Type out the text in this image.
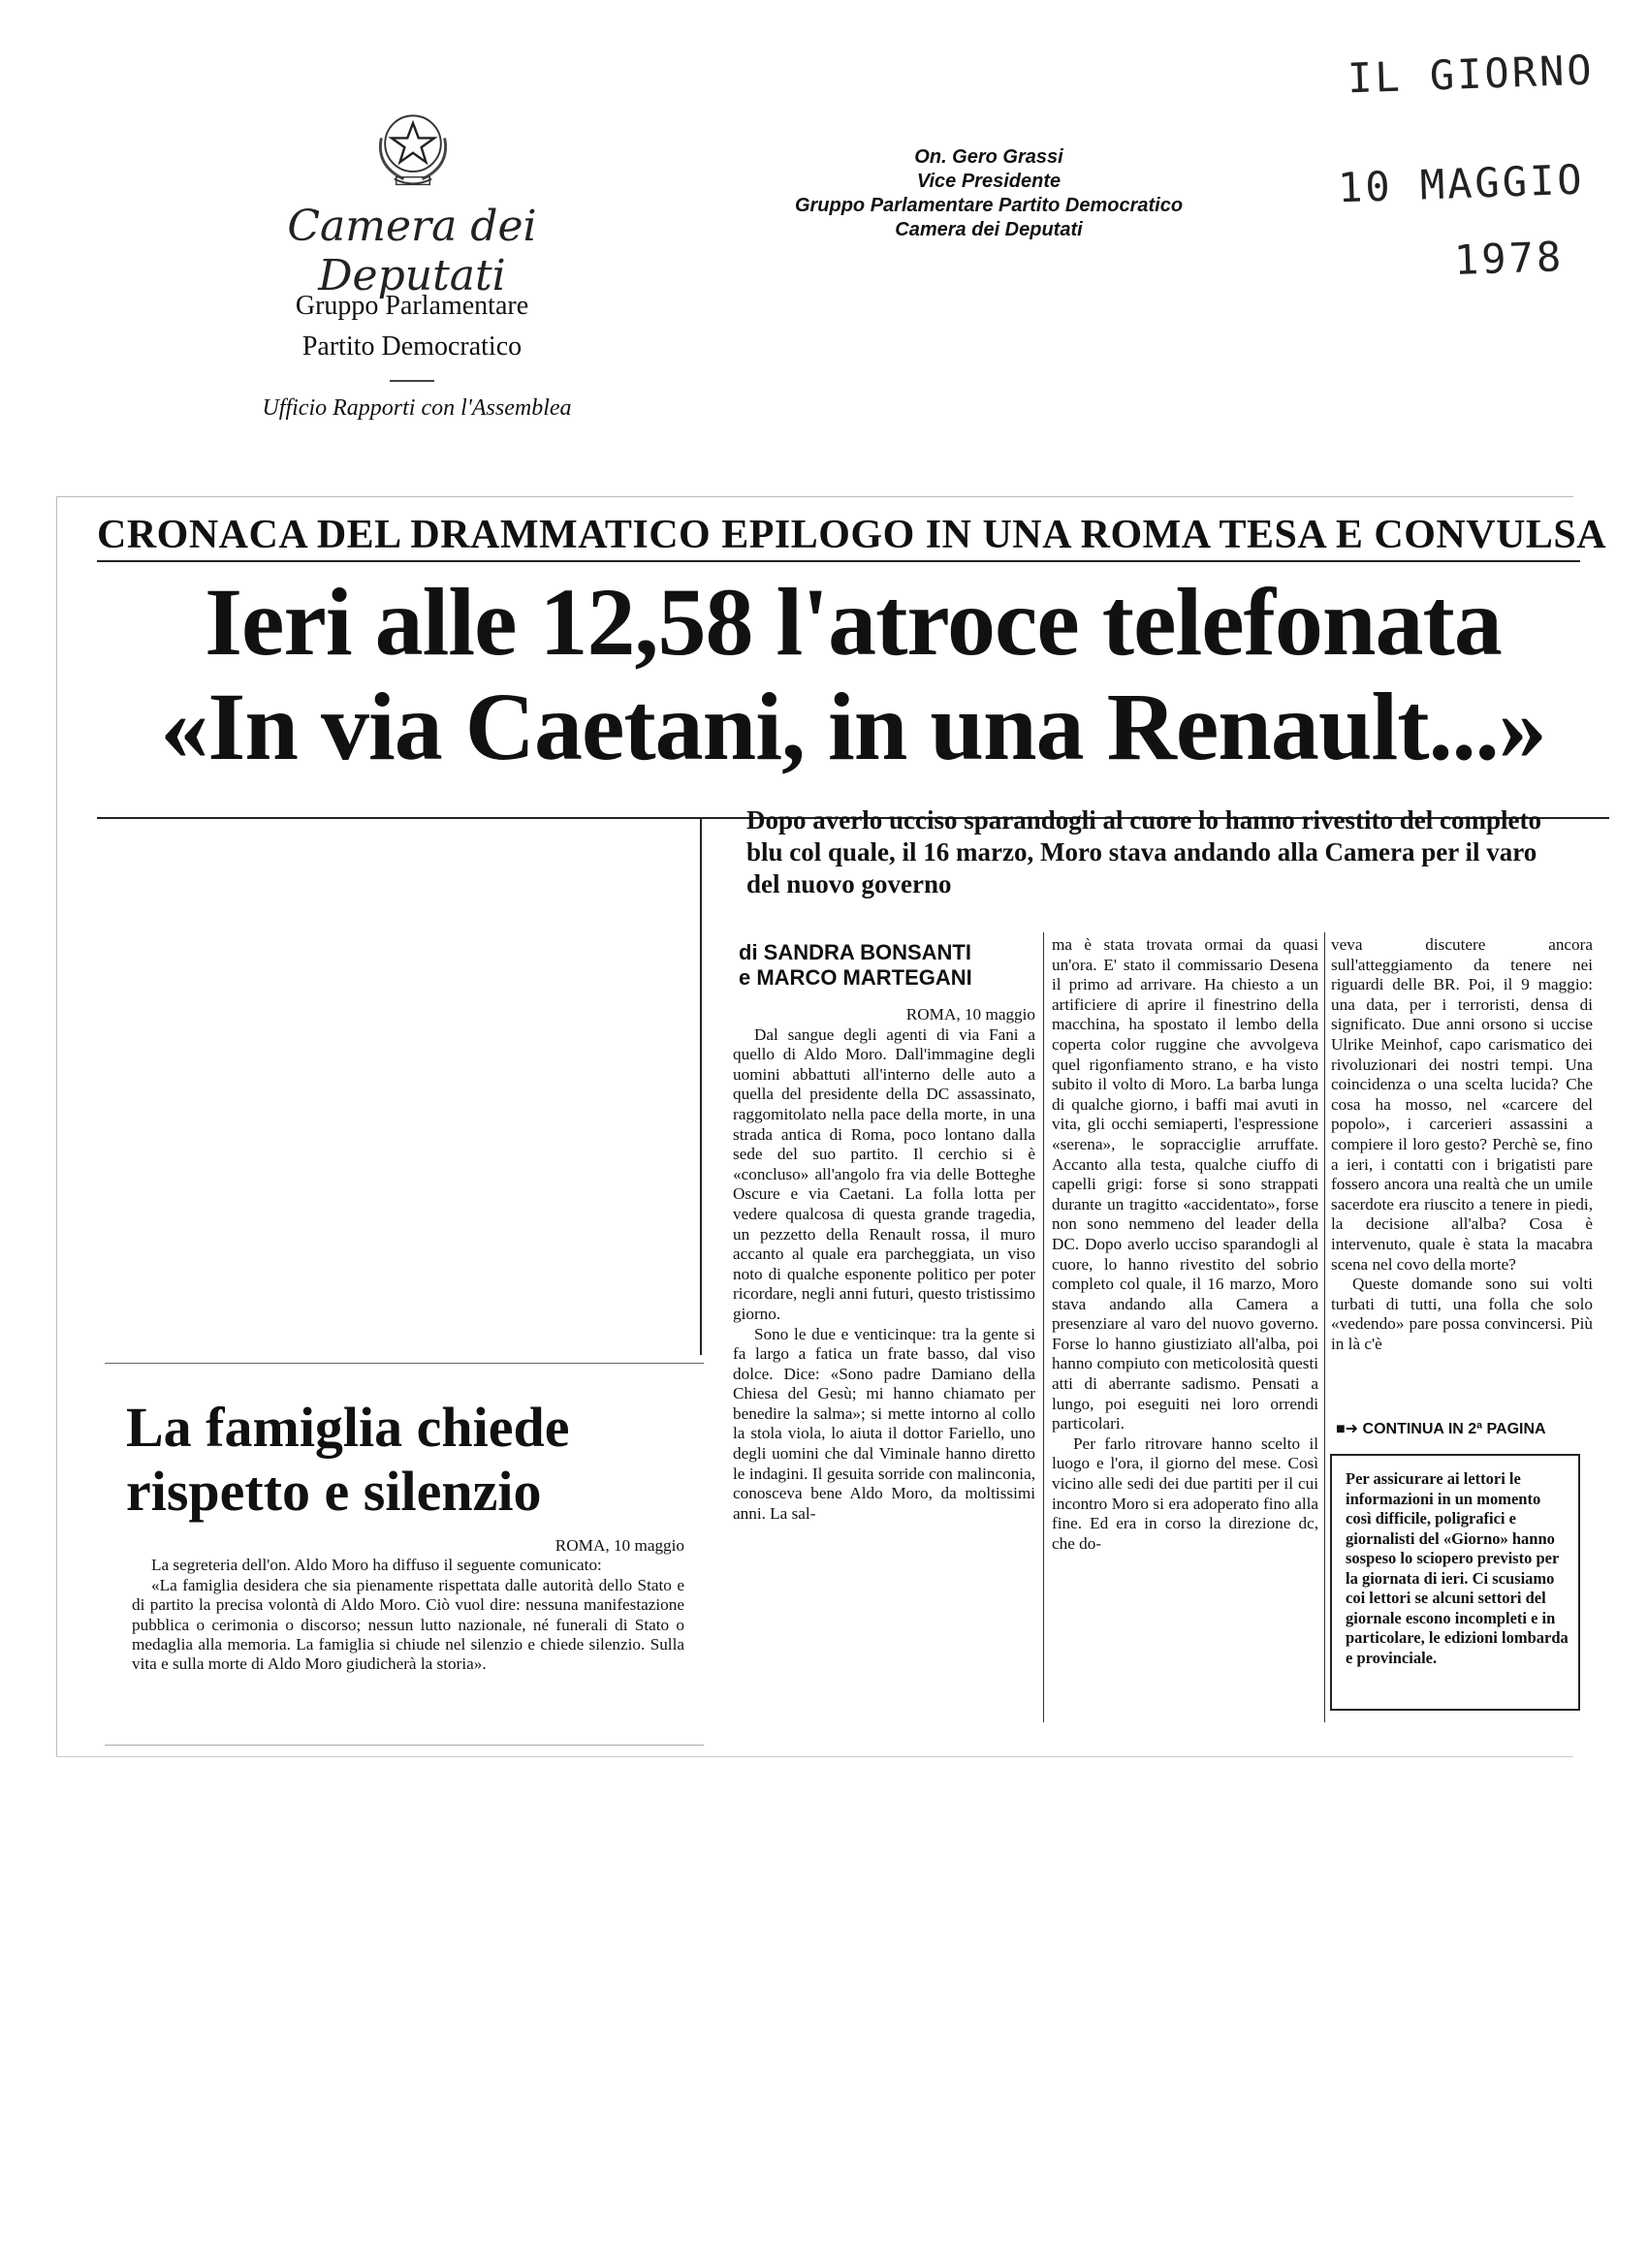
Camera dei Deputati
Gruppo Parlamentare
Partito Democratico
Ufficio Rapporti con l'Assemblea
On. Gero Grassi
Vice Presidente
Gruppo Parlamentare Partito Democratico
Camera dei Deputati
IL GIORNO
10 MAGGIO
1978
CRONACA DEL DRAMMATICO EPILOGO IN UNA ROMA TESA E CONVULSA
Ieri alle 12,58 l'atroce telefonata
«In via Caetani, in una Renault...»
Dopo averlo ucciso sparandogli al cuore lo hanno rivestito del completo blu col quale, il 16 marzo, Moro stava andando alla Camera per il varo del nuovo governo
di SANDRA BONSANTI
e MARCO MARTEGANI

ROMA, 10 maggio

Dal sangue degli agenti di via Fani a quello di Aldo Moro. Dall'immagine degli uomini abbattuti all'interno delle auto a quella del presidente della DC assassinato, raggomitolato nella pace della morte, in una strada antica di Roma, poco lontano dalla sede del suo partito. Il cerchio si è «concluso» all'angolo fra via delle Botteghe Oscure e via Caetani. La folla lotta per vedere qualcosa di questa grande tragedia, un pezzetto della Renault rossa, il muro accanto al quale era parcheggiata, un viso noto di qualche esponente politico per poter ricordare, negli anni futuri, questo tristissimo giorno.

Sono le due e venticinque: tra la gente si fa largo a fatica un frate basso, dal viso dolce. Dice: «Sono padre Damiano della Chiesa del Gesù; mi hanno chiamato per benedire la salma»; si mette intorno al collo la stola viola, lo aiuta il dottor Fariello, uno degli uomini che dal Viminale hanno diretto le indagini. Il gesuita sorride con malinconia, conosceva bene Aldo Moro, da moltissimi anni. La sal-

ma è stata trovata ormai da quasi un'ora. E' stato il commissario Desena il primo ad arrivare. Ha chiesto a un artificiere di aprire il finestrino della macchina, ha spostato il lembo della coperta color ruggine che avvolgeva quel rigonfiamento strano, e ha visto subito il volto di Moro. La barba lunga di qualche giorno, i baffi mai avuti in vita, gli occhi semiaperti, l'espressione «serena», le sopracciglie arruffate. Accanto alla testa, qualche ciuffo di capelli grigi: forse si sono strappati durante un tragitto «accidentato», forse non sono nemmeno del leader della DC. Dopo averlo ucciso sparandogli al cuore, lo hanno rivestito del sobrio completo col quale, il 16 marzo, Moro stava andando alla Camera a presenziare al varo del nuovo governo. Forse lo hanno giustiziato all'alba, poi hanno compiuto con meticolosità questi atti di aberrante sadismo. Pensati a lungo, poi eseguiti nei loro orrendi particolari.

Per farlo ritrovare hanno scelto il luogo e l'ora, il giorno del mese. Così vicino alle sedi dei due partiti per il cui incontro Moro si era adoperato fino alla fine. Ed era in corso la direzione dc, che do-

veva discutere ancora sull'atteggiamento da tenere nei riguardi delle BR. Poi, il 9 maggio: una data, per i terroristi, densa di significato. Due anni orsono si uccise Ulrike Meinhof, capo carismatico dei rivoluzionari dei nostri tempi. Una coincidenza o una scelta lucida? Che cosa ha mosso, nel «carcere del popolo», i carcerieri assassini a compiere il loro gesto? Perchè se, fino a ieri, i contatti con i brigatisti pare fossero ancora una realtà che un umile sacerdote era riuscito a tenere in piedi, la decisione all'alba? Cosa è intervenuto, quale è stata la macabra scena nel covo della morte?

Queste domande sono sui volti turbati di tutti, una folla che solo «vedendo» pare possa convincersi. Più in là c'è

■➜ CONTINUA IN 2ª PAGINA
Per assicurare ai lettori le informazioni in un momento così difficile, poligrafici e giornalisti del «Giorno» hanno sospeso lo sciopero previsto per la giornata di ieri. Ci scusiamo coi lettori se alcuni settori del giornale escono incompleti e in particolare, le edizioni lombarda e provinciale.
La famiglia chiede
rispetto e silenzio

ROMA, 10 maggio

La segreteria dell'on. Aldo Moro ha diffuso il seguente comunicato:

«La famiglia desidera che sia pienamente rispettata dalle autorità dello Stato e di partito la precisa volontà di Aldo Moro. Ciò vuol dire: nessuna manifestazione pubblica o cerimonia o discorso; nessun lutto nazionale, né funerali di Stato o medaglia alla memoria. La famiglia si chiude nel silenzio e chiede silenzio. Sulla vita e sulla morte di Aldo Moro giudicherà la storia».
